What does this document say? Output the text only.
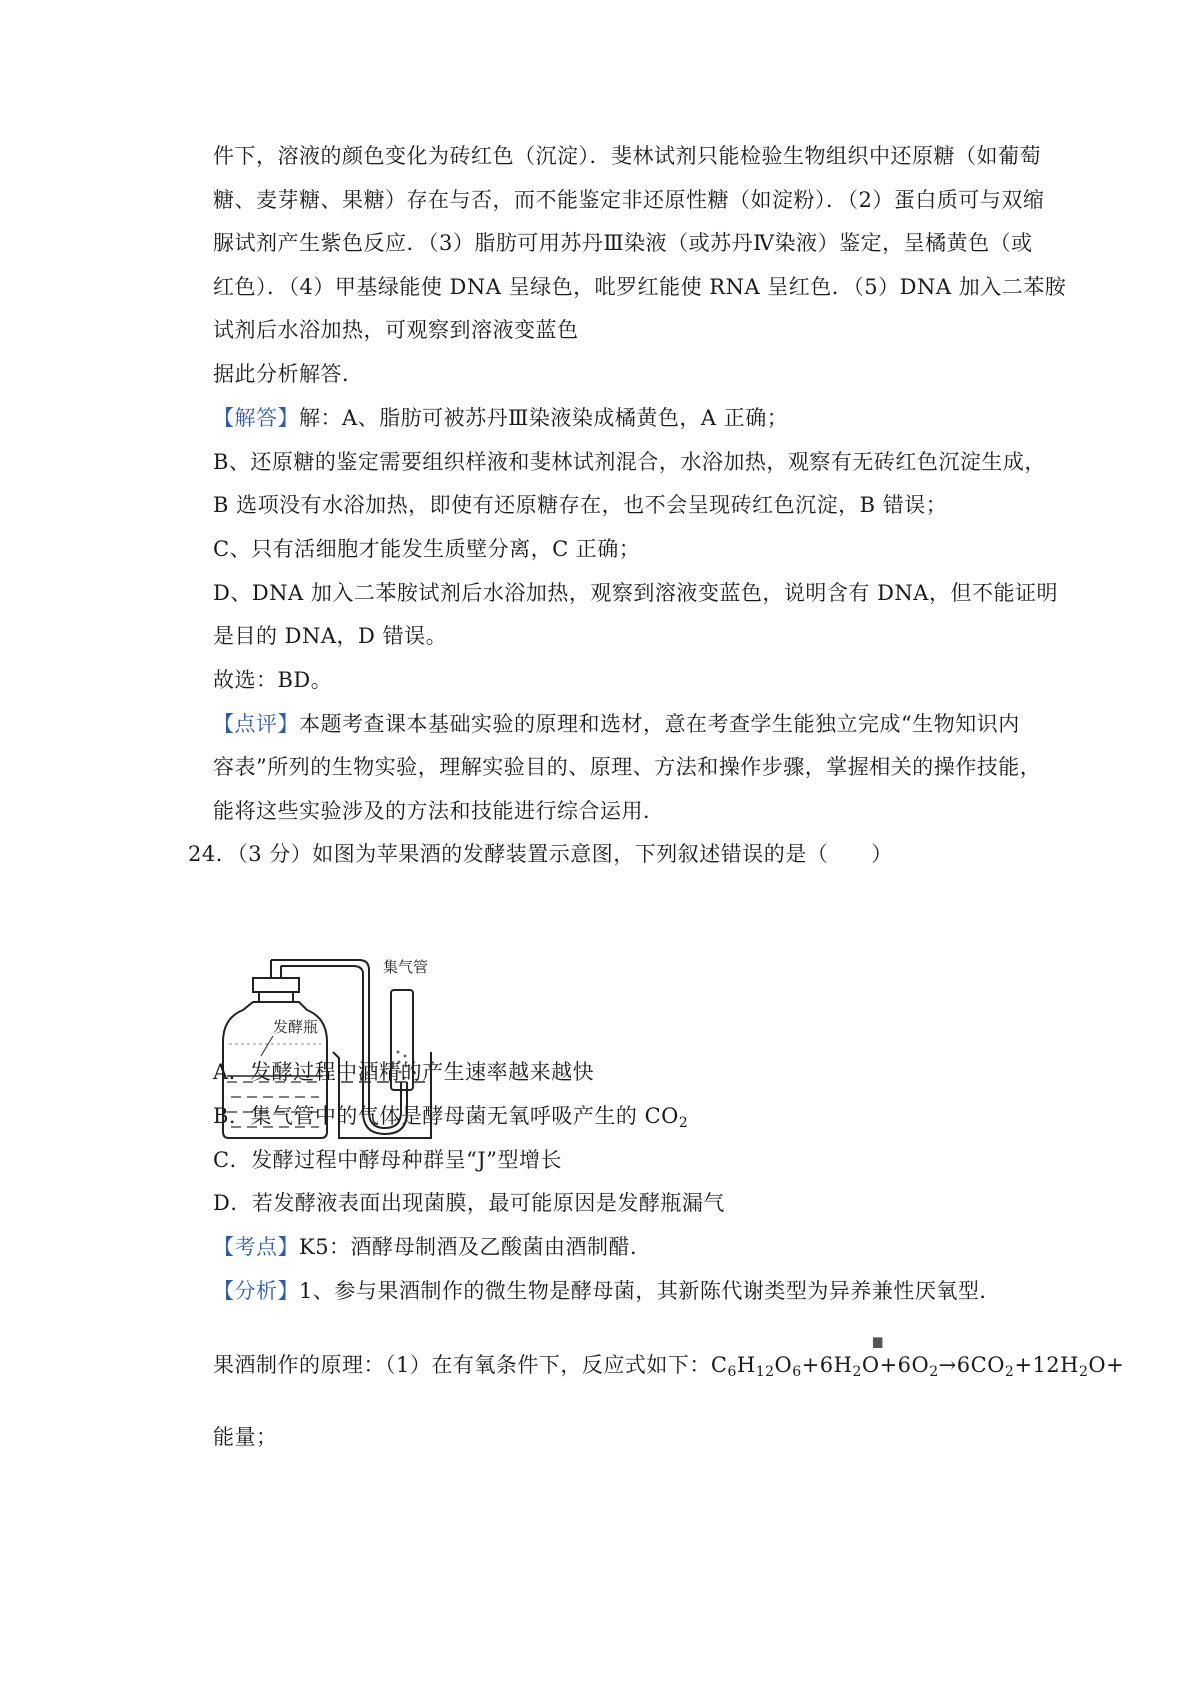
件下，溶液的颜色变化为砖红色（沉淀）．斐林试剂只能检验生物组织中还原糖（如葡萄
糖、麦芽糖、果糖）存在与否，而不能鉴定非还原性糖（如淀粉）．（2）蛋白质可与双缩
脲试剂产生紫色反应．（3）脂肪可用苏丹Ⅲ染液（或苏丹Ⅳ染液）鉴定，呈橘黄色（或
红色）．（4）甲基绿能使 DNA 呈绿色，吡罗红能使 RNA 呈红色．（5）DNA 加入二苯胺
试剂后水浴加热，可观察到溶液变蓝色
据此分析解答．
【解答】解：A、脂肪可被苏丹Ⅲ染液染成橘黄色，A 正确；
B、还原糖的鉴定需要组织样液和斐林试剂混合，水浴加热，观察有无砖红色沉淀生成，
B 选项没有水浴加热，即使有还原糖存在，也不会呈现砖红色沉淀，B 错误；
C、只有活细胞才能发生质壁分离，C 正确；
D、DNA 加入二苯胺试剂后水浴加热，观察到溶液变蓝色，说明含有 DNA，但不能证明
是目的 DNA，D 错误。
故选：BD。
【点评】本题考查课本基础实验的原理和选材，意在考查学生能独立完成“生物知识内
容表”所列的生物实验，理解实验目的、原理、方法和操作步骤，掌握相关的操作技能，
能将这些实验涉及的方法和技能进行综合运用．
24．（3 分）如图为苹果酒的发酵装置示意图，下列叙述错误的是（　　）
集气管
发酵瓶
A．发酵过程中酒精的产生速率越来越快
B．集气管中的气体是酵母菌无氧呼吸产生的 $CO_2$
C．发酵过程中酵母种群呈“J”型增长
D．若发酵液表面出现菌膜，最可能原因是发酵瓶漏气
【考点】K5：酒酵母制酒及乙酸菌由酒制醋．
【分析】1、参与果酒制作的微生物是酵母菌，其新陈代谢类型为异养兼性厌氧型．
果酒制作的原理：（1）在有氧条件下，反应式如下：$C_6H_{12}O_6+6H_2O+6O_2\to 6CO_2+12H_2O+$
▆
能量；
